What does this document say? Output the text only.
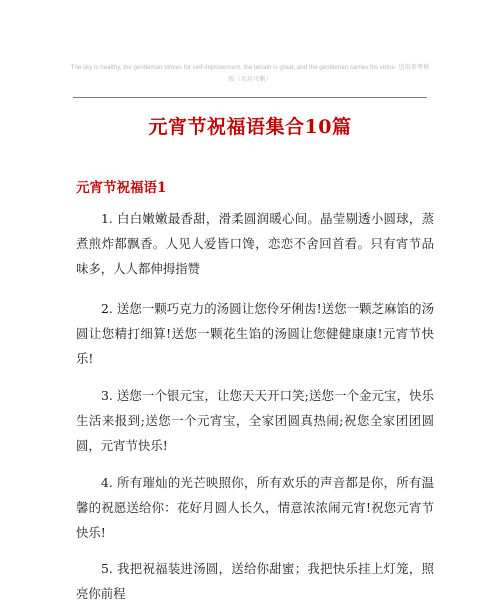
The sky is healthy, the gentleman strives for self-improvement, the terrain is great, and the gentleman carries his virtue. 适用参考模板（页眉可删）
元宵节祝福语集合10篇
元宵节祝福语1
1. 白白嫩嫩最香甜，滑柔圆润暖心间。晶莹剔透小圆球，蒸煮煎炸都飘香。人见人爱皆口馋，恋恋不舍回首看。只有宵节品味多，人人都伸拇指赞
2. 送您一颗巧克力的汤圆让您伶牙俐齿!送您一颗芝麻馅的汤圆让您精打细算!送您一颗花生馅的汤圆让您健健康康!元宵节快乐!
3. 送您一个银元宝，让您天天开口笑;送您一个金元宝，快乐生活来报到;送您一个元宵宝，全家团圆真热闹;祝您全家团团圆圆，元宵节快乐!
4. 所有璀灿的光芒映照你，所有欢乐的声音都是你，所有温馨的祝愿送给你：花好月圆人长久，情意浓浓闹元宵!祝您元宵节快乐!
5. 我把祝福装进汤圆，送给你甜蜜；我把快乐挂上灯笼，照亮你前程
